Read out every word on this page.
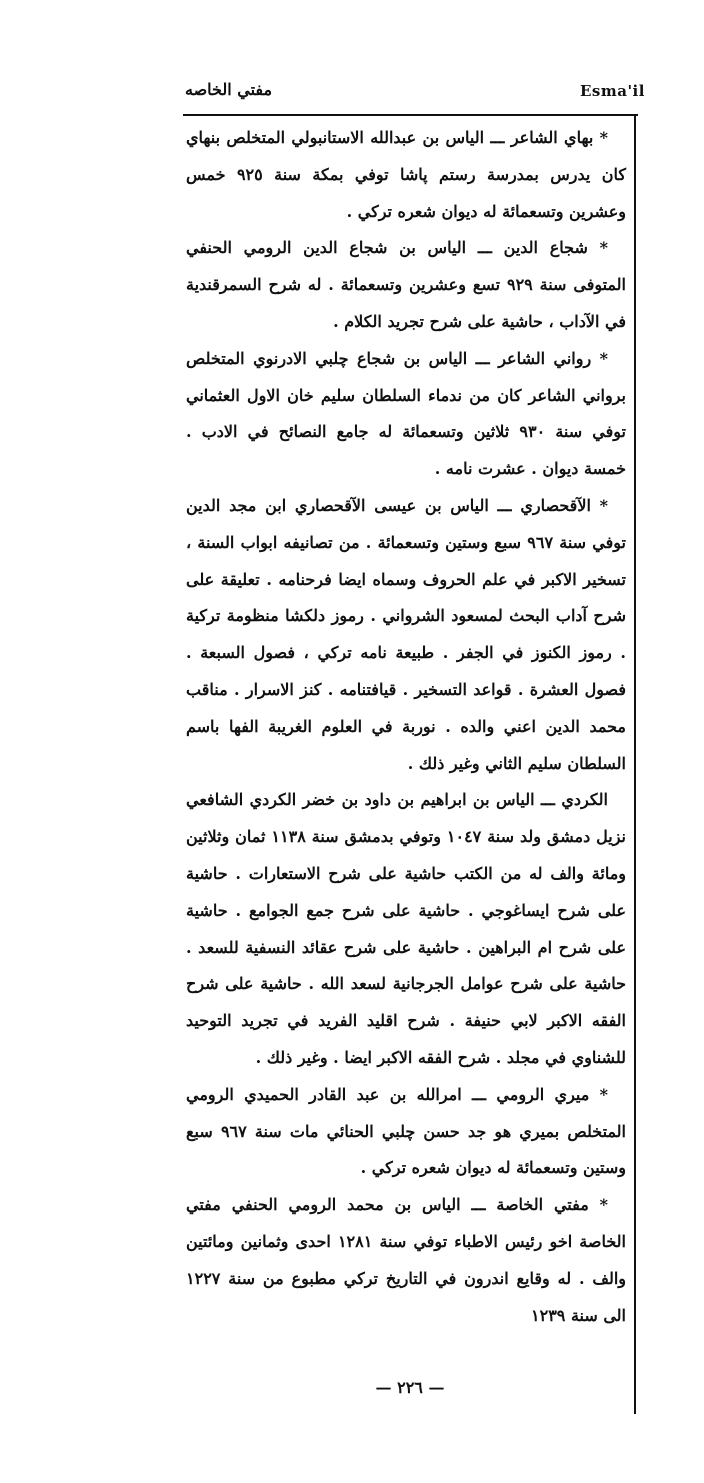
مفتي الخاصه	Esma'il

* بهاي الشاعر ـــ الياس بن عبدالله الاستانبولي المتخلص بنهاي كان يدرس بمدرسة رستم پاشا توفي بمكة سنة ٩٢٥ خمس وعشرين وتسعمائة له ديوان شعره تركي .

* شجاع الدين ـــ الياس بن شجاع الدين الرومي الحنفي المتوفى سنة ٩٢٩ تسع وعشرين وتسعمائة . له شرح السمرقندية في الآداب ، حاشية على شرح تجريد الكلام .

* رواني الشاعر ـــ الياس بن شجاع چلبي الادرنوي المتخلص برواني الشاعر كان من ندماء السلطان سليم خان الاول العثماني توفي سنة ٩٣٠ ثلاثين وتسعمائة له جامع النصائح في الادب . خمسة ديوان . عشرت نامه .

* الآقحصاري ـــ الياس بن عيسى الآقحصاري ابن مجد الدين توفي سنة ٩٦٧ سبع وستين وتسعمائة . من تصانيفه ابواب السنة ، تسخير الاكبر في علم الحروف وسماه ايضا فرحنامه . تعليقة على شرح آداب البحث لمسعود الشرواني . رموز دلكشا منظومة تركية . رموز الكنوز في الجفر . طبيعة نامه تركي ، فصول السبعة . فصول العشرة . قواعد التسخير . قيافتنامه . كنز الاسرار . مناقب محمد الدين اعني والده . نوربة في العلوم الغريبة الفها باسم السلطان سليم الثاني وغير ذلك .

الكردي ـــ الياس بن ابراهيم بن داود بن خضر الكردي الشافعي نزيل دمشق ولد سنة ١٠٤٧ وتوفي بدمشق سنة ١١٣٨ ثمان وثلاثين ومائة والف له من الكتب حاشية على شرح الاستعارات . حاشية على شرح ايساغوجي . حاشية على شرح جمع الجوامع . حاشية على شرح ام البراهين . حاشية على شرح عقائد النسفية للسعد . حاشية على شرح عوامل الجرجانية لسعد الله . حاشية على شرح الفقه الاكبر لابي حنيفة . شرح اقليد الفريد في تجريد التوحيد للشناوي في مجلد . شرح الفقه الاكبر ايضا . وغير ذلك .

* ميري الرومي ـــ امرالله بن عبد القادر الحميدي الرومي المتخلص بميري هو جد حسن چلبي الحنائي مات سنة ٩٦٧ سبع وستين وتسعمائة له ديوان شعره تركي .

* مفتي الخاصة ـــ الياس بن محمد الرومي الحنفي مفتي الخاصة اخو رئيس الاطباء توفي سنة ١٢٨١ احدى وثمانين ومائتين والف . له وقايع اندرون في التاريخ تركي مطبوع من سنة ١٢٢٧ الى سنة ١٢٣٩

— ٢٢٦ —
